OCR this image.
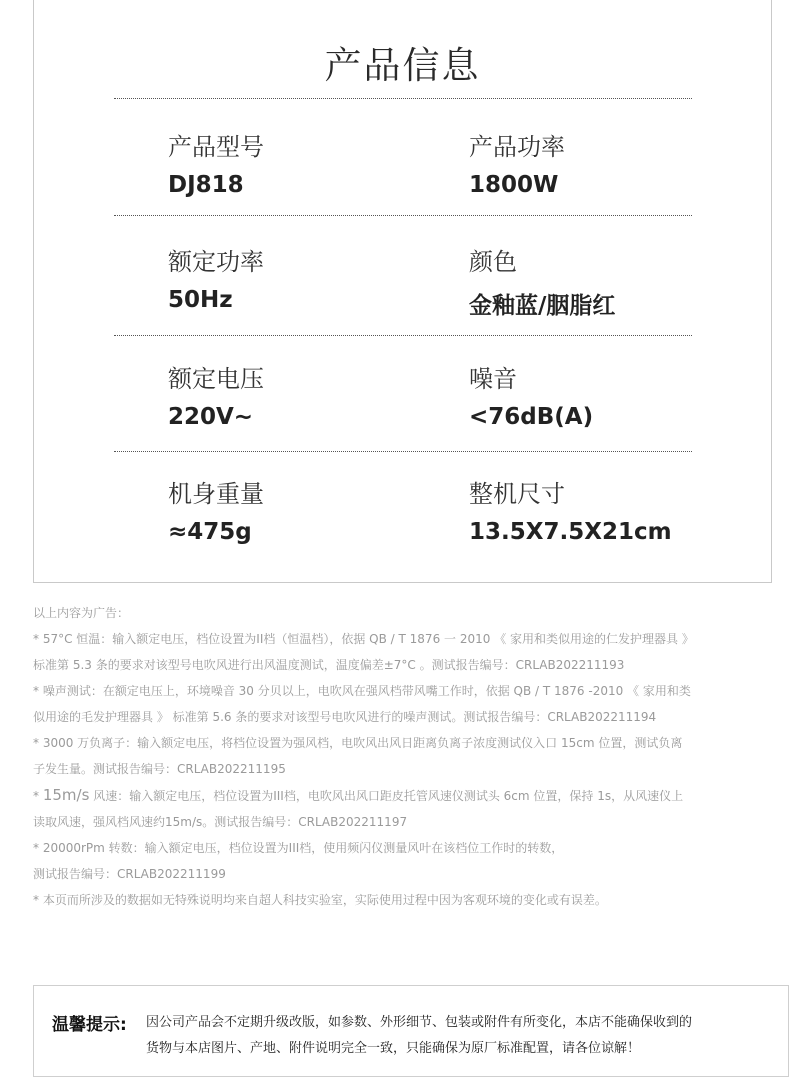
产品信息
产品型号
DJ818
产品功率
1800W
额定功率
50Hz
颜色
金釉蓝/胭脂红
额定电压
220V~
噪音
<76dB(A)
机身重量
≈475g
整机尺寸
13.5X7.5X21cm

以上内容为广告：

* 57°C 恒温：输入额定电压，档位设置为II档（恒温档），依据 QB / T 1876 一 2010 《 家用和类似用途的仁发护理器具 》

标准第 5.3 条的要求对该型号电吹风进行出风温度测试，温度偏差±7°C 。测试报告编号：CRLAB202211193

* 噪声测试：在额定电压上，环境噪音 30 分贝以上，电吹风在强风档带风嘴工作时，依据 QB / T 1876 -2010 《 家用和类

似用途的毛发护理器具 》 标准第 5.6 条的要求对该型号电吹风进行的噪声测试。测试报告编号：CRLAB202211194

* 3000 万负离子：输入额定电压，将档位设置为强风档，电吹风出风日距离负离子浓度测试仪入口 15cm 位置，测试负离

子发生量。测试报告编号：CRLAB202211195

* 15m/s 风速：输入额定电压，档位设置为III档，电吹风出风口距皮托管风速仪测试头 6cm 位置，保持 1s，从风速仪上

读取风速，强风档风速约15m/s。测试报告编号：CRLAB202211197

* 20000rPm 转数：输入额定电压，档位设置为III档，使用频闪仪测量风叶在该档位工作时的转数，

测试报告编号：CRLAB202211199

* 本页而所涉及的数据如无特殊说明均来自超人科技实验室，实际使用过程中因为客观环境的变化或有误差。

温馨提示: 因公司产品会不定期升级改版，如参数、外形细节、包装或附件有所变化，本店不能确保收到的
货物与本店图片、产地、附件说明完全一致，只能确保为原厂标准配置，请各位谅解！
